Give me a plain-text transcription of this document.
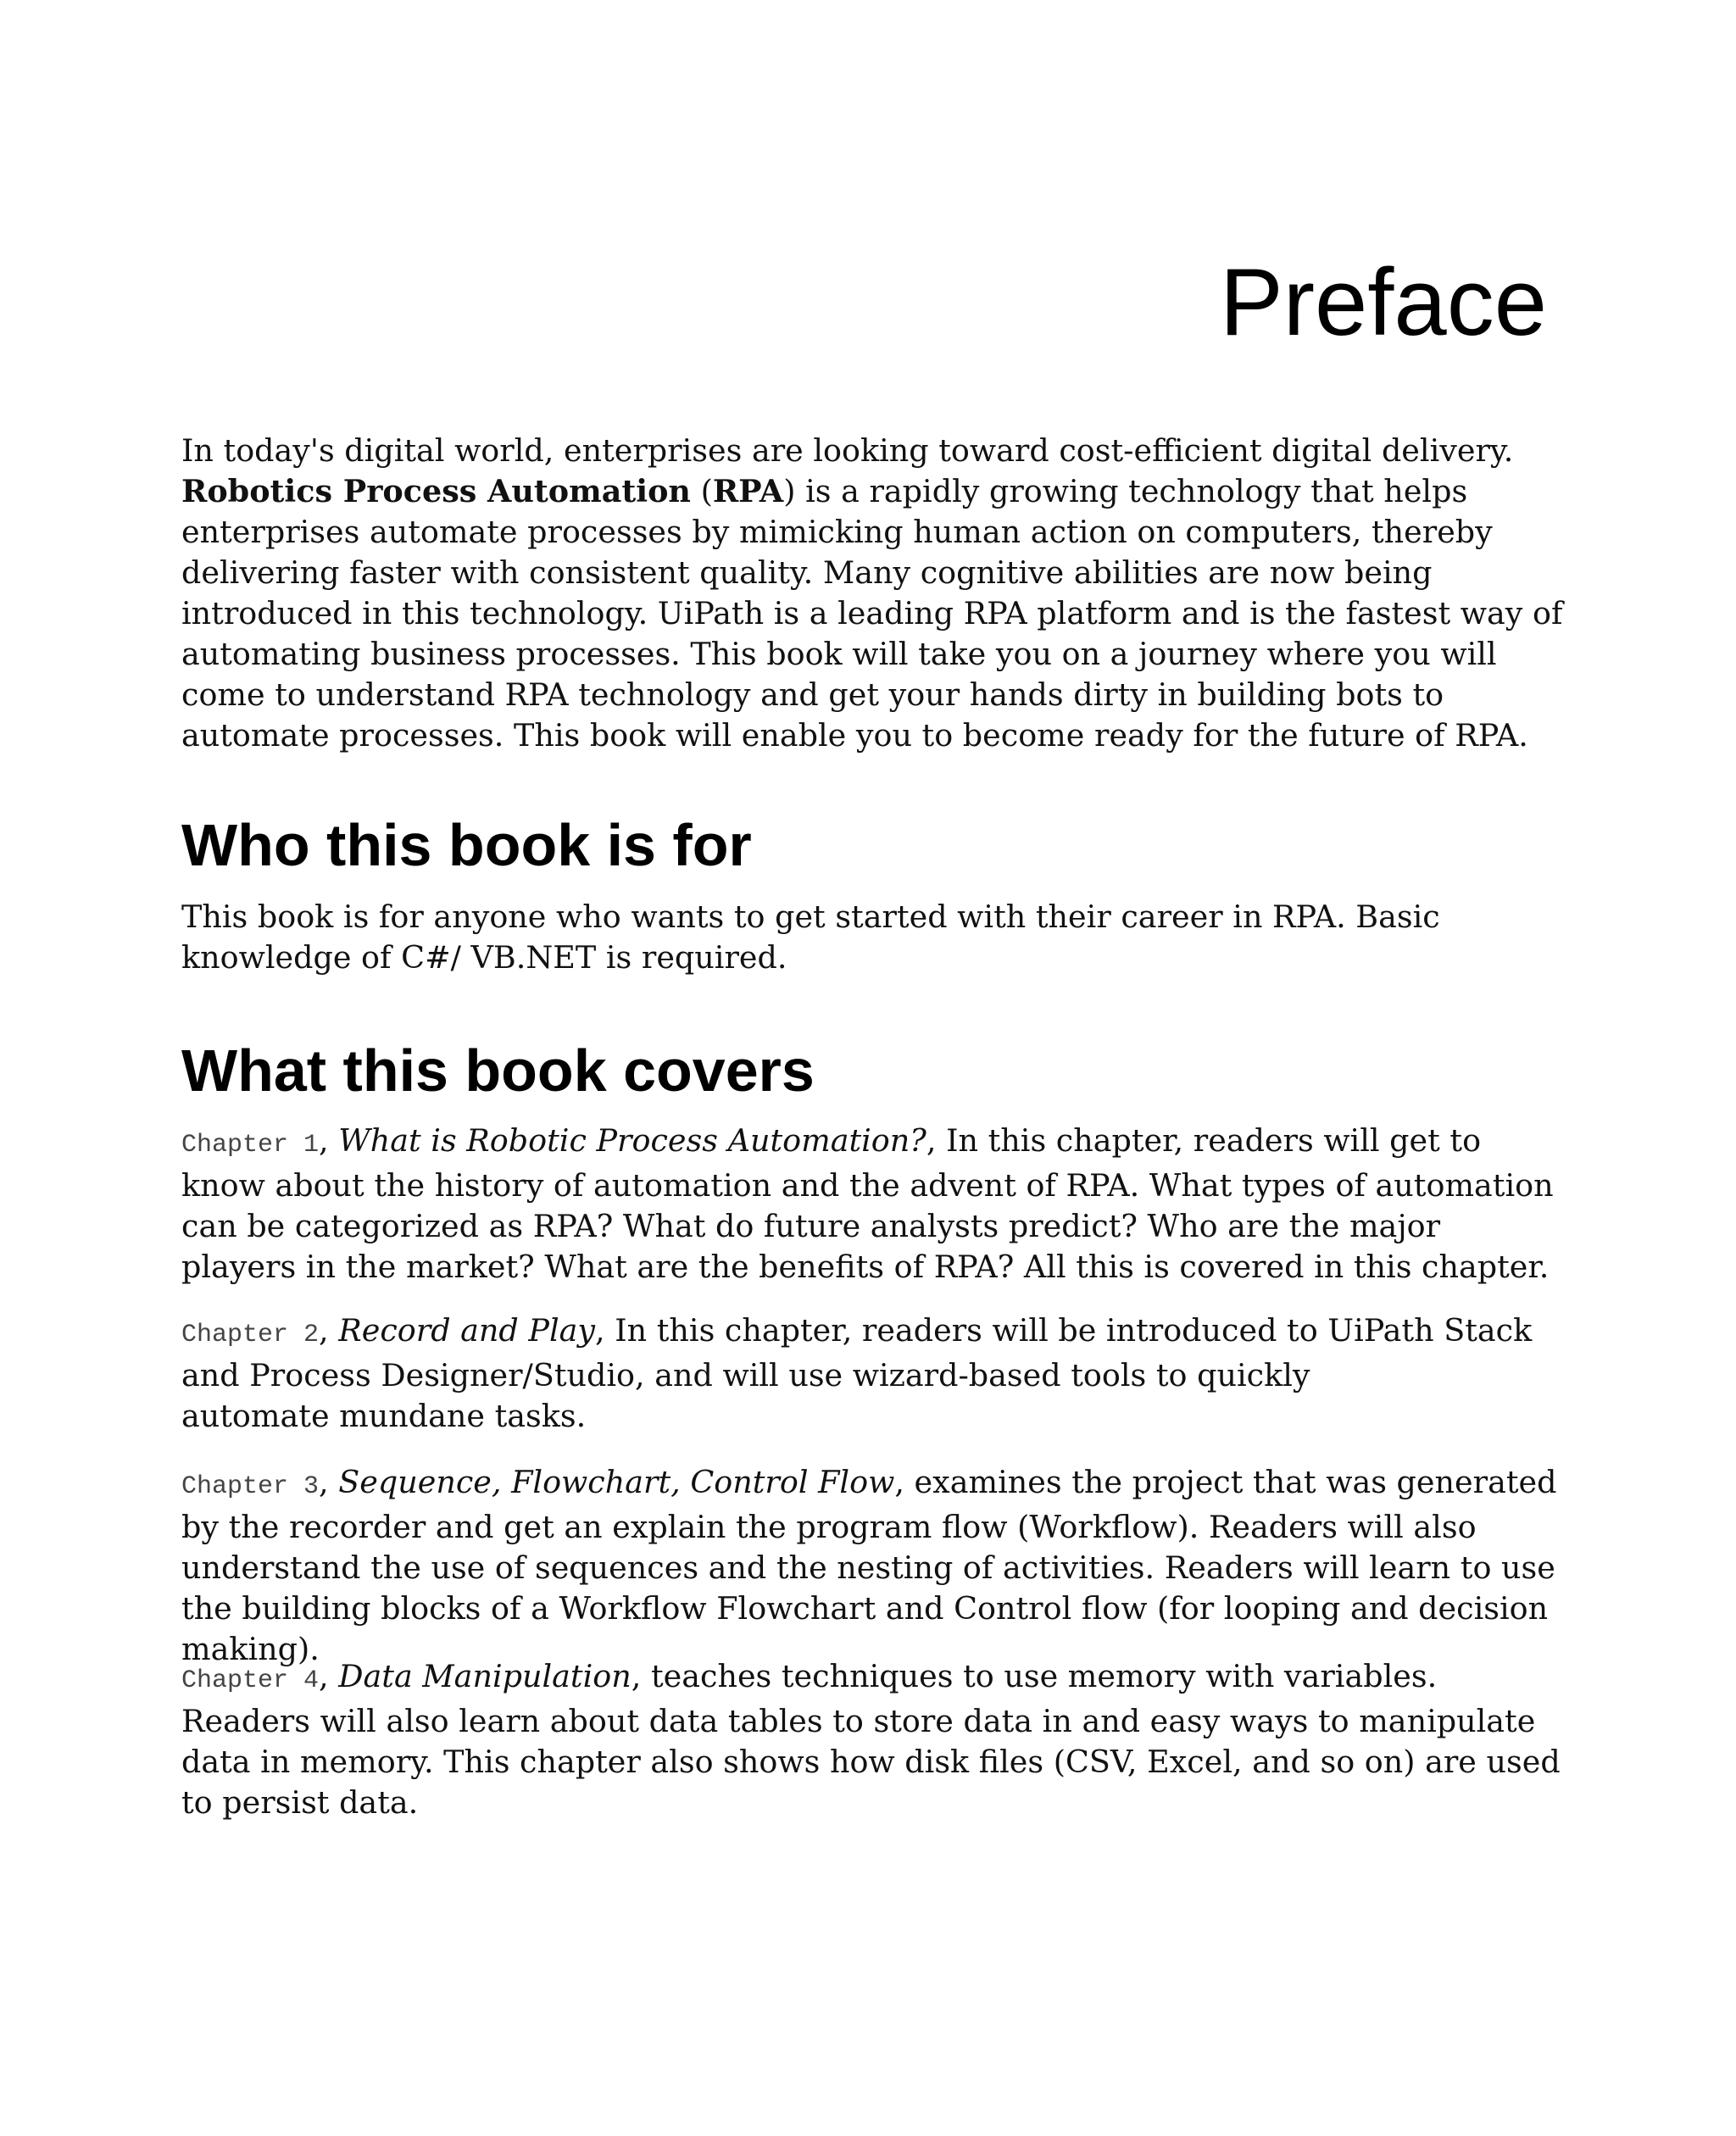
Preface

In today's digital world, enterprises are looking toward cost-efficient digital delivery.
Robotics Process Automation (RPA) is a rapidly growing technology that helps enterprises automate processes by mimicking human action on computers, thereby delivering faster with consistent quality. Many cognitive abilities are now being introduced in this technology. UiPath is a leading RPA platform and is the fastest way of automating business processes. This book will take you on a journey where you will come to understand RPA technology and get your hands dirty in building bots to automate processes. This book will enable you to become ready for the future of RPA.

Who this book is for

This book is for anyone who wants to get started with their career in RPA. Basic knowledge of C#/ VB.NET is required.

What this book covers

Chapter 1, What is Robotic Process Automation?, In this chapter, readers will get to know about the history of automation and the advent of RPA. What types of automation can be categorized as RPA? What do future analysts predict? Who are the major players in the market? What are the benefits of RPA? All this is covered in this chapter.

Chapter 2, Record and Play, In this chapter, readers will be introduced to UiPath Stack
and Process Designer/Studio, and will use wizard-based tools to quickly
automate mundane tasks.

Chapter 3, Sequence, Flowchart, Control Flow, examines the project that was generated by the recorder and get an explain the program flow (Workflow). Readers will also understand the use of sequences and the nesting of activities. Readers will learn to use the building blocks of a Workflow Flowchart and Control flow (for looping and decision making).

Chapter 4, Data Manipulation, teaches techniques to use memory with variables. Readers will also learn about data tables to store data in and easy ways to manipulate data in memory. This chapter also shows how disk files (CSV, Excel, and so on) are used to persist data.
